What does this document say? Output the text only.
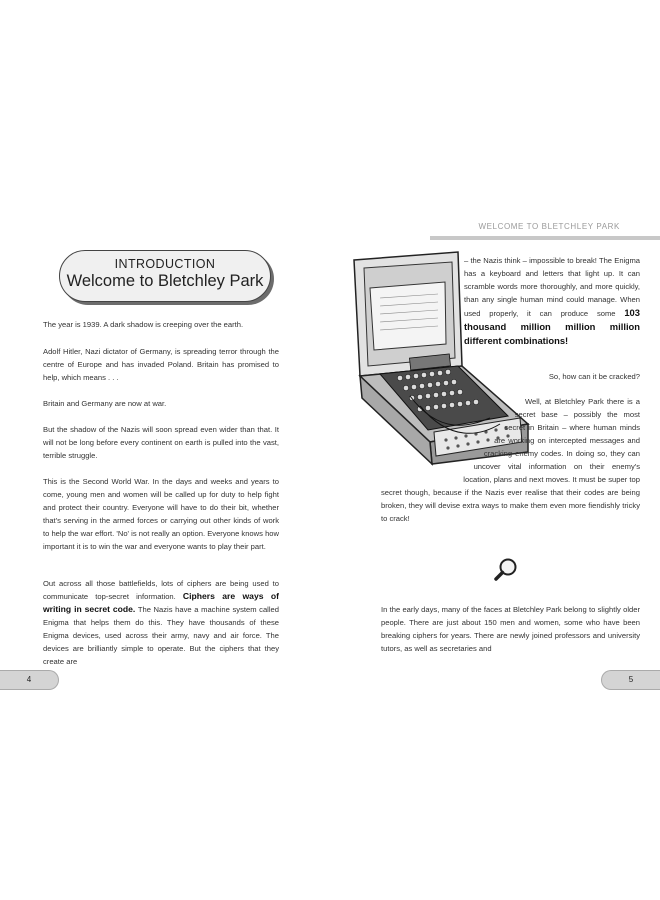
INTRODUCTION
Welcome to Bletchley Park

The year is 1939. A dark shadow is creeping over the earth.

Adolf Hitler, Nazi dictator of Germany, is spreading terror through the centre of Europe and has invaded Poland. Britain has promised to help, which means . . .

Britain and Germany are now at war.

But the shadow of the Nazis will soon spread even wider than that. It will not be long before every continent on earth is pulled into the vast, terrible struggle.

This is the Second World War. In the days and weeks and years to come, young men and women will be called up for duty to help fight and protect their country. Everyone will have to do their bit, whether that's serving in the armed forces or carrying out other kinds of work to help the war effort. 'No' is not really an option. Everyone knows how important it is to win the war and everyone wants to play their part.

Out across all those battlefields, lots of ciphers are being used to communicate top-secret information. Ciphers are ways of writing in secret code. The Nazis have a machine system called Enigma that helps them do this. They have thousands of these Enigma devices, used across their army, navy and air force. The devices are brilliantly simple to operate. But the ciphers that they create are

4
WELCOME TO BLETCHLEY PARK

– the Nazis think – impossible to break! The Enigma has a keyboard and letters that light up. It can scramble words more thoroughly, and more quickly, than any single human mind could manage. When used properly, it can produce some 103 thousand million million million different combinations!

So, how can it be cracked?

Well, at Bletchley Park there is a secret base – possibly the most secret in Britain – where human minds are working on intercepted messages and cracking enemy codes. In doing so, they can uncover vital information on their enemy's location, plans and next moves. It must be super top secret though, because if the Nazis ever realise that their codes are being broken, they will devise extra ways to make them even more fiendishly tricky to crack!

In the early days, many of the faces at Bletchley Park belong to slightly older people. There are just about 150 men and women, some who have been breaking ciphers for years. There are newly joined professors and university tutors, as well as secretaries and

5
